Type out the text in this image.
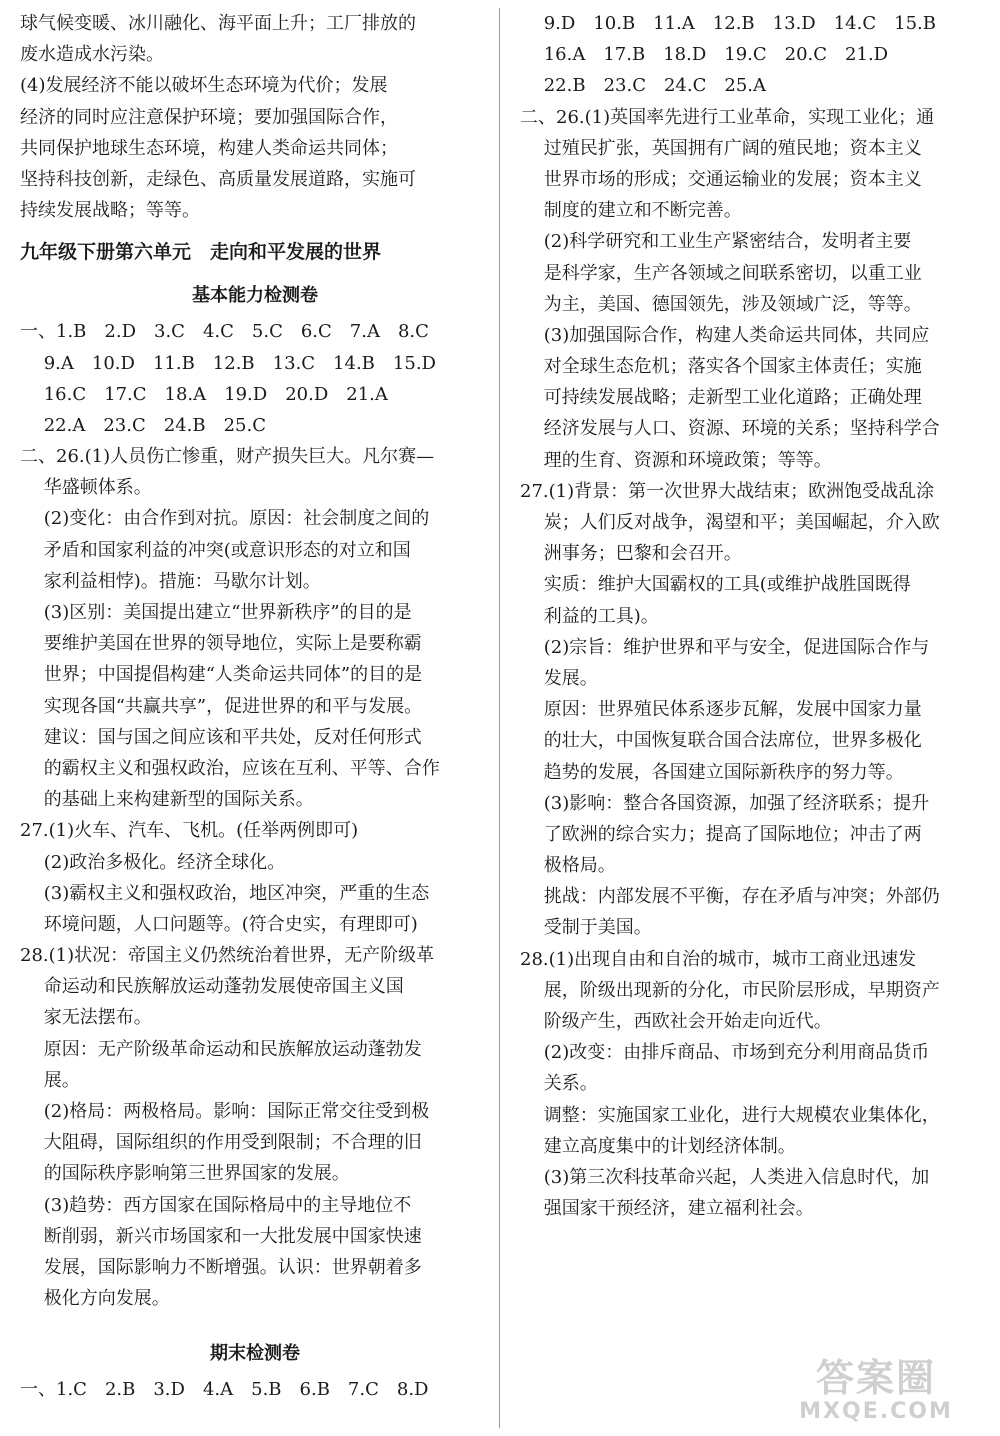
球气候变暖、冰川融化、海平面上升；工厂排放的
废水造成水污染。
(4)发展经济不能以破坏生态环境为代价；发展
经济的同时应注意保护环境；要加强国际合作，
共同保护地球生态环境，构建人类命运共同体；
坚持科技创新，走绿色、高质量发展道路，实施可
持续发展战略；等等。
九年级下册第六单元　走向和平发展的世界
基本能力检测卷
一、1.B　2.D　3.C　4.C　5.C　6.C　7.A　8.C
　 9.A　10.D　11.B　12.B　13.C　14.B　15.D
　 16.C　17.C　18.A　19.D　20.D　21.A
　 22.A　23.C　24.B　25.C
二、26.(1)人员伤亡惨重，财产损失巨大。凡尔赛—
　 华盛顿体系。
　 (2)变化：由合作到对抗。原因：社会制度之间的
　 矛盾和国家利益的冲突(或意识形态的对立和国
　 家利益相悖)。措施：马歇尔计划。
　 (3)区别：美国提出建立“世界新秩序”的目的是
　 要维护美国在世界的领导地位，实际上是要称霸
　 世界；中国提倡构建“人类命运共同体”的目的是
　 实现各国“共赢共享”，促进世界的和平与发展。
　 建议：国与国之间应该和平共处，反对任何形式
　 的霸权主义和强权政治，应该在互利、平等、合作
　 的基础上来构建新型的国际关系。
27.(1)火车、汽车、飞机。(任举两例即可)
　 (2)政治多极化。经济全球化。
　 (3)霸权主义和强权政治，地区冲突，严重的生态
　 环境问题，人口问题等。(符合史实，有理即可)
28.(1)状况：帝国主义仍然统治着世界，无产阶级革
　 命运动和民族解放运动蓬勃发展使帝国主义国
　 家无法摆布。
　 原因：无产阶级革命运动和民族解放运动蓬勃发
　 展。
　 (2)格局：两极格局。影响：国际正常交往受到极
　 大阻碍，国际组织的作用受到限制；不合理的旧
　 的国际秩序影响第三世界国家的发展。
　 (3)趋势：西方国家在国际格局中的主导地位不
　 断削弱，新兴市场国家和一大批发展中国家快速
　 发展，国际影响力不断增强。认识：世界朝着多
　 极化方向发展。
期末检测卷
一、1.C　2.B　3.D　4.A　5.B　6.B　7.C　8.D
　 9.D　10.B　11.A　12.B　13.D　14.C　15.B
　 16.A　17.B　18.D　19.C　20.C　21.D
　 22.B　23.C　24.C　25.A
二、26.(1)英国率先进行工业革命，实现工业化；通
　 过殖民扩张，英国拥有广阔的殖民地；资本主义
　 世界市场的形成；交通运输业的发展；资本主义
　 制度的建立和不断完善。
　 (2)科学研究和工业生产紧密结合，发明者主要
　 是科学家，生产各领域之间联系密切，以重工业
　 为主，美国、德国领先，涉及领域广泛，等等。
　 (3)加强国际合作，构建人类命运共同体，共同应
　 对全球生态危机；落实各个国家主体责任；实施
　 可持续发展战略；走新型工业化道路；正确处理
　 经济发展与人口、资源、环境的关系；坚持科学合
　 理的生育、资源和环境政策；等等。
27.(1)背景：第一次世界大战结束；欧洲饱受战乱涂
　 炭；人们反对战争，渴望和平；美国崛起，介入欧
　 洲事务；巴黎和会召开。
　 实质：维护大国霸权的工具(或维护战胜国既得
　 利益的工具)。
　 (2)宗旨：维护世界和平与安全，促进国际合作与
　 发展。
　 原因：世界殖民体系逐步瓦解，发展中国家力量
　 的壮大，中国恢复联合国合法席位，世界多极化
　 趋势的发展，各国建立国际新秩序的努力等。
　 (3)影响：整合各国资源，加强了经济联系；提升
　 了欧洲的综合实力；提高了国际地位；冲击了两
　 极格局。
　 挑战：内部发展不平衡，存在矛盾与冲突；外部仍
　 受制于美国。
28.(1)出现自由和自治的城市，城市工商业迅速发
　 展，阶级出现新的分化，市民阶层形成，早期资产
　 阶级产生，西欧社会开始走向近代。
　 (2)改变：由排斥商品、市场到充分利用商品货币
　 关系。
　 调整：实施国家工业化，进行大规模农业集体化，
　 建立高度集中的计划经济体制。
　 (3)第三次科技革命兴起，人类进入信息时代，加
　 强国家干预经济，建立福利社会。
答案圈
MXQE.COM
